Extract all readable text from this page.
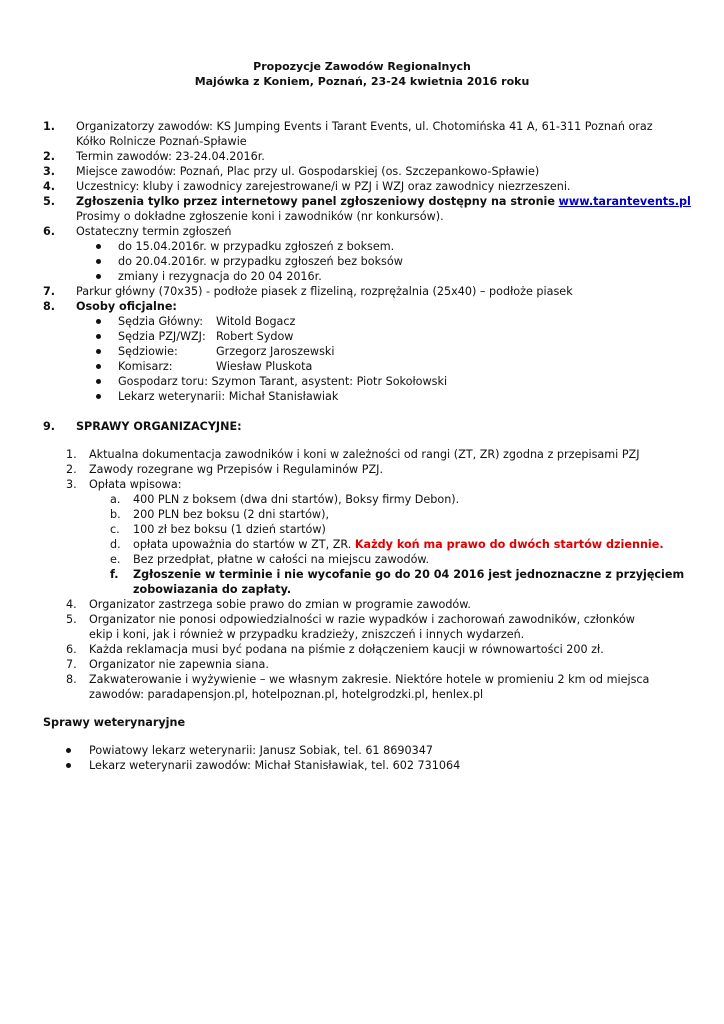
Propozycje Zawodów Regionalnych
Majówka z Koniem, Poznań, 23-24 kwietnia 2016 roku
1. Organizatorzy zawodów: KS Jumping Events i Tarant Events, ul. Chotomińska 41 A, 61-311 Poznań oraz
Kółko Rolnicze Poznań-Spławie
2. Termin zawodów: 23-24.04.2016r.
3. Miejsce zawodów: Poznań, Plac przy ul. Gospodarskiej (os. Szczepankowo-Spławie)
4. Uczestnicy: kluby i zawodnicy zarejestrowane/i w PZJ i WZJ oraz zawodnicy niezrzeszeni.
5. Zgłoszenia tylko przez internetowy panel zgłoszeniowy dostępny na stronie www.tarantevents.pl
Prosimy o dokładne zgłoszenie koni i zawodników (nr konkursów).
6. Ostateczny termin zgłoszeń
do 15.04.2016r. w przypadku zgłoszeń z boksem.
do 20.04.2016r. w przypadku zgłoszeń bez boksów
zmiany i rezygnacja do 20 04 2016r.
7. Parkur główny (70x35) - podłoże piasek z flizeliną, rozprężalnia (25x40) – podłoże piasek
8. Osoby oficjalne:
Sędzia Główny: Witold Bogacz
Sędzia PZJ/WZJ: Robert Sydow
Sędziowie:	Grzegorz Jaroszewski
Komisarz:	Wiesław Pluskota
Gospodarz toru: Szymon Tarant, asystent: Piotr Sokołowski
Lekarz weterynarii: Michał Stanisławiak
9. SPRAWY ORGANIZACYJNE:
1. Aktualna dokumentacja zawodników i koni w zależności od rangi (ZT, ZR) zgodna z przepisami PZJ
2. Zawody rozegrane wg Przepisów i Regulaminów PZJ.
3. Opłata wpisowa:
a. 400 PLN z boksem (dwa dni startów), Boksy firmy Debon).
b. 200 PLN bez boksu (2 dni startów),
c. 100 zł bez boksu (1 dzień startów)
d. opłata upoważnia do startów w ZT, ZR. Każdy koń ma prawo do dwóch startów dziennie.
e. Bez przedpłat, płatne w całości na miejscu zawodów.
f. Zgłoszenie w terminie i nie wycofanie go do 20 04 2016 jest jednoznaczne z przyjęciem
zobowiazania do zapłaty.
4. Organizator zastrzega sobie prawo do zmian w programie zawodów.
5. Organizator nie ponosi odpowiedzialności w razie wypadków i zachorowań zawodników, członków
ekip i koni, jak i również w przypadku kradzieży, zniszczeń i innych wydarzeń.
6. Każda reklamacja musi być podana na piśmie z dołączeniem kaucji w równowartości 200 zł.
7. Organizator nie zapewnia siana.
8. Zakwaterowanie i wyżywienie – we własnym zakresie. Niektóre hotele w promieniu 2 km od miejsca
zawodów: paradapensjon.pl, hotelpoznan.pl, hotelgrodzki.pl, henlex.pl
Sprawy weterynaryjne
Powiatowy lekarz weterynarii: Janusz Sobiak, tel. 61 8690347
Lekarz weterynarii zawodów: Michał Stanisławiak, tel. 602 731064
